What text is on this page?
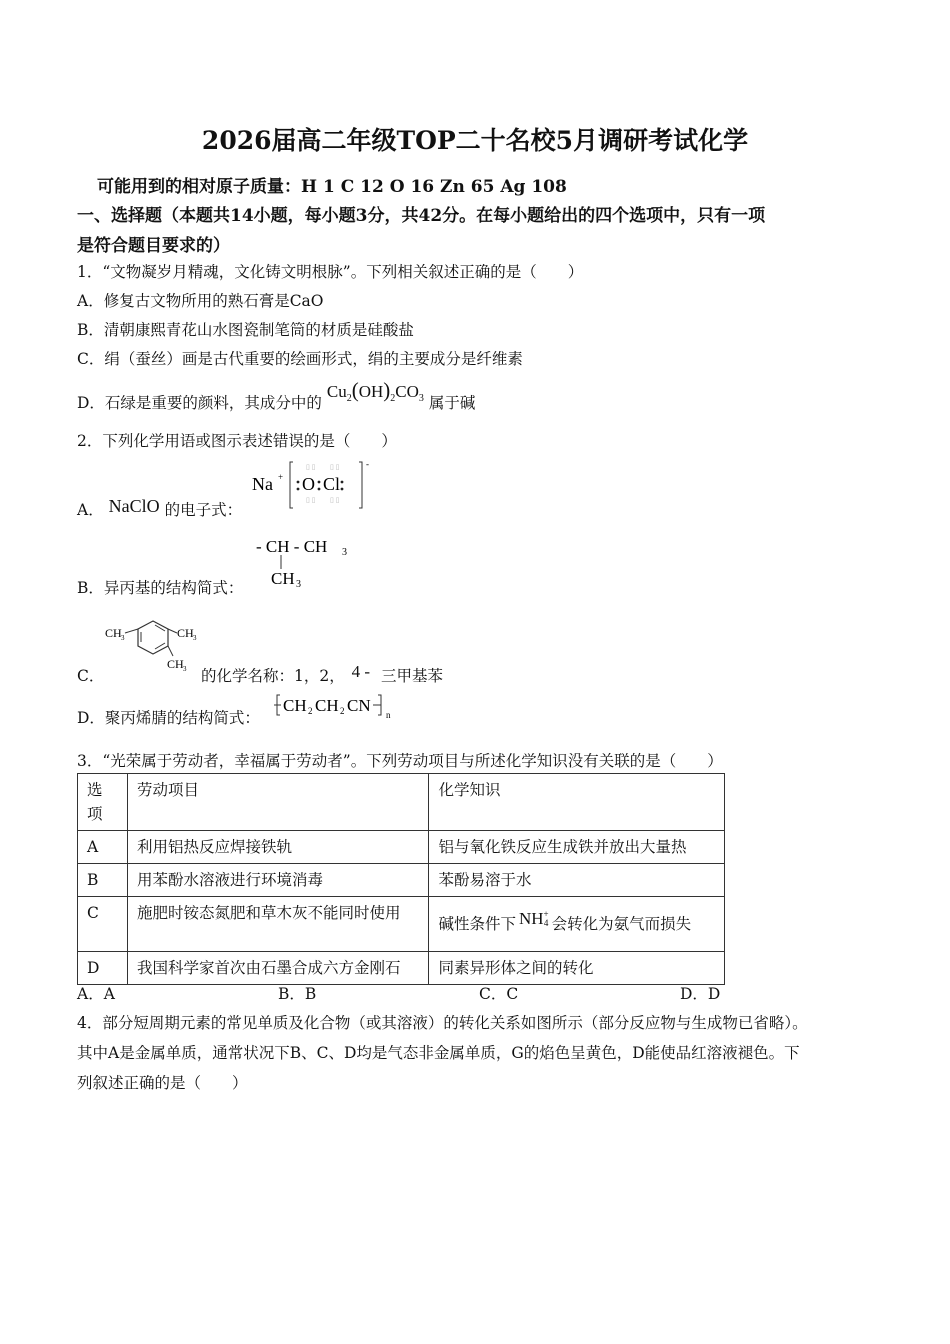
2026届高二年级TOP二十名校5月调研考试化学
可能用到的相对原子质量：H 1 C 12 O 16 Zn 65 Ag 108
一、选择题（本题共14小题，每小题3分，共42分。在每小题给出的四个选项中，只有一项
是符合题目要求的）
1．“文物凝岁月精魂，文化铸文明根脉”。下列相关叙述正确的是（　　）
A．修复古文物所用的熟石膏是CaO
B．清朝康熙青花山水图瓷制笔筒的材质是硅酸盐
C．绢（蚕丝）画是古代重要的绘画形式，绢的主要成分是纤维素
D．石绿是重要的颜料，其成分中的 $Cu_2(OH)_2CO_3$ 属于碱
2．下列化学用语或图示表述错误的是（　　）
A． NaClO 的电子式：
Na +
-
O Cl
▯ ▯ ▯ ▯
▯ ▯ ▯ ▯
B．异丙基的结构简式：
- CH - CH 3
CH 3
CH 3	CH 3
CH 3
C．	的化学名称：1，2， 4 - 三甲基苯
D．聚丙烯腈的结构简式：
CH 2 CH 2 CN n
3．“光荣属于劳动者，幸福属于劳动者”。下列劳动项目与所述化学知识没有关联的是（　　）
选项	劳动项目	化学知识
A	利用铝热反应焊接铁轨	铝与氧化铁反应生成铁并放出大量热
B	用苯酚水溶液进行环境消毒	苯酚易溶于水
C	施肥时铵态氮肥和草木灰不能同时使用	碱性条件下 NH +
4 会转化为氨气而损失
D	我国科学家首次由石墨合成六方金刚石	同素异形体之间的转化
A．A	B．B	C．C	D．D
4．部分短周期元素的常见单质及化合物（或其溶液）的转化关系如图所示（部分反应物与生成物已省略）。
其中A是金属单质，通常状况下B、C、D均是气态非金属单质，G的焰色呈黄色，D能使品红溶液褪色。下
列叙述正确的是（　　）
